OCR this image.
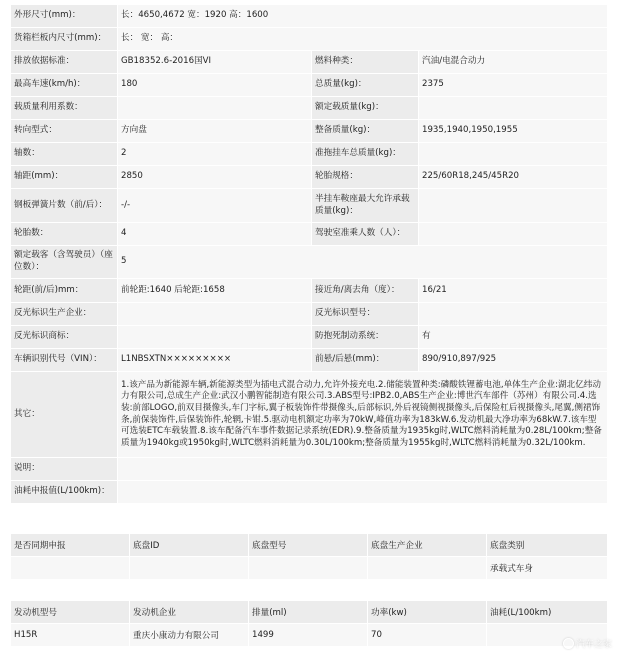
外形尺寸(mm)：	长：4650,4672 宽：1920 高：1600		
货箱栏板内尺寸(mm)：	长： 宽： 高：		
排放依据标准：	GB18352.6-2016国VI	燃料种类：	汽油/电混合动力
最高车速(km/h)：	180	总质量(kg)：	2375
载质量利用系数：		额定载质量(kg)：	
转向型式：	方向盘	整备质量(kg)：	1935,1940,1950,1955
轴数：	2	准拖挂车总质量(kg)：	
轴距(mm)：	2850	轮胎规格：	225/60R18,245/45R20
钢板弹簧片数（前/后）：	-/-	半挂车鞍座最大允许承载质量(kg)：	
轮胎数：	4	驾驶室准乘人数（人）：	
额定载客（含驾驶员）（座位数）：	5		
轮距(前/后)mm：	前轮距:1640 后轮距:1658	接近角/离去角（度）：	16/21
反光标识生产企业：		反光标识型号：	
反光标识商标：		防抱死制动系统：	有
车辆识别代号（VIN）：	L1NBSXTN×××××××××	前悬/后悬(mm)：	890/910,897/925
其它：	1.该产品为新能源车辆,新能源类型为插电式混合动力,允许外接充电.2.储能装置种类:磷酸铁锂蓄电池,单体生产企业:湖北亿纬动力有限公司,总成生产企业:武汉小鹏智能制造有限公司.3.ABS型号:IPB2.0,ABS生产企业:博世汽车部件（苏州）有限公司.4.选装:前部LOGO,前双目摄像头,车门字标,翼子板装饰件带摄像头,后部标识,外后视镜侧视摄像头,后保险杠后视摄像头,尾翼,侧裙饰条,前保装饰件,后保装饰件,轮辋,卡钳.5.驱动电机额定功率为70kW,峰值功率为183kW.6.发动机最大净功率为68kW.7.该车型可选装ETC车载装置.8.该车配备汽车事件数据记录系统(EDR).9.整备质量为1935kg时,WLTC燃料消耗量为0.28L/100km;整备质量为1940kg或1950kg时,WLTC燃料消耗量为0.30L/100km;整备质量为1955kg时,WLTC燃料消耗量为0.32L/100km.		
说明：			
油耗申报值(L/100km)：			
是否同期申报	底盘ID	底盘型号	底盘生产企业	底盘类别
				承载式车身
发动机型号	发动机企业	排量(ml)	功率(kw)	油耗(L/100km)
H15R	重庆小康动力有限公司	1499	70	
汽车之家
